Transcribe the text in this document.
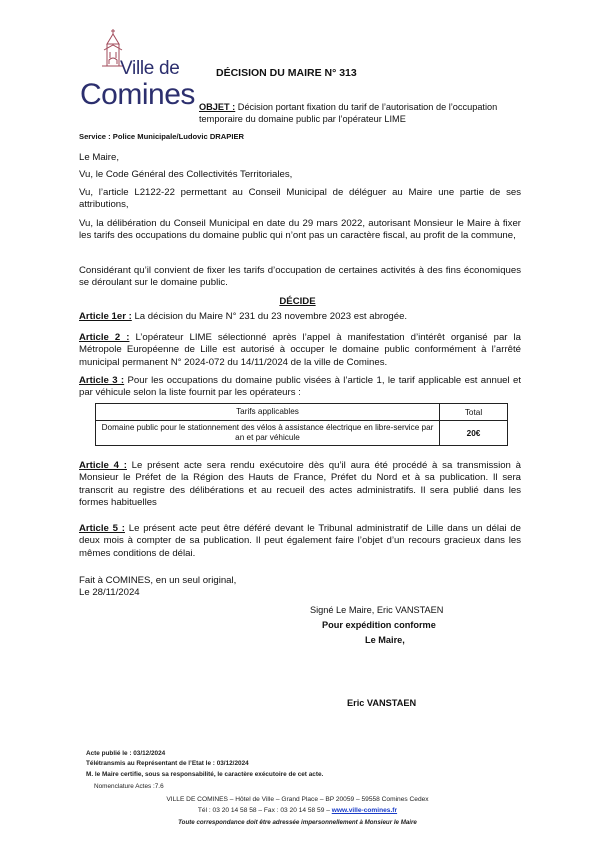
Ville de
Comines
DÉCISION DU MAIRE N° 313
OBJET : Décision portant fixation du tarif de l’autorisation de l’occupation temporaire du domaine public par l’opérateur LIME
Service : Police Municipale/Ludovic DRAPIER
Le Maire,
Vu, le Code Général des Collectivités Territoriales,
Vu, l’article L2122-22 permettant au Conseil Municipal de déléguer au Maire une partie de ses attributions,
Vu, la délibération du Conseil Municipal en date du 29 mars 2022, autorisant Monsieur le Maire à fixer les tarifs des occupations du domaine public qui n’ont pas un caractère fiscal, au profit de la commune,
Considérant qu’il convient de fixer les tarifs d’occupation de certaines activités à des fins économiques se déroulant sur le domaine public.
DÉCIDE
Article 1er : La décision du Maire N° 231 du 23 novembre 2023 est abrogée.
Article 2 : L’opérateur LIME sélectionné après l’appel à manifestation d’intérêt organisé par la Métropole Européenne de Lille est autorisé à occuper le domaine public conformément à l’arrêté municipal permanent N° 2024-072 du 14/11/2024 de la ville de Comines.
Article 3 : Pour les occupations du domaine public visées à l’article 1, le tarif applicable est annuel et par véhicule selon la liste fournit par les opérateurs :
Tarifs applicables	Total
Domaine public pour le stationnement des vélos à assistance électrique en libre-service par an et par véhicule	20€
Article 4 : Le présent acte sera rendu exécutoire dès qu’il aura été procédé à sa transmission à Monsieur le Préfet de la Région des Hauts de France, Préfet du Nord et à sa publication. Il sera transcrit au registre des délibérations et au recueil des actes administratifs. Il sera publié dans les formes habituelles
Article 5 : Le présent acte peut être déféré devant le Tribunal administratif de Lille dans un délai de deux mois à compter de sa publication. Il peut également faire l’objet d’un recours gracieux dans les mêmes conditions de délai.
Fait à COMINES, en un seul original,
Le 28/11/2024
Signé Le Maire, Eric VANSTAEN
Pour expédition conforme
Le Maire,
Eric VANSTAEN
Acte publié le : 03/12/2024
Télétransmis au Représentant de l’Etat le : 03/12/2024
M. le Maire certifie, sous sa responsabilité, le caractère exécutoire de cet acte.
Nomenclature Actes :7.6
VILLE DE COMINES – Hôtel de Ville – Grand Place – BP 20059 – 59558 Comines Cedex
Tél : 03 20 14 58 58 – Fax : 03 20 14 58 59 – www.ville-comines.fr
Toute correspondance doit être adressée impersonnellement à Monsieur le Maire
